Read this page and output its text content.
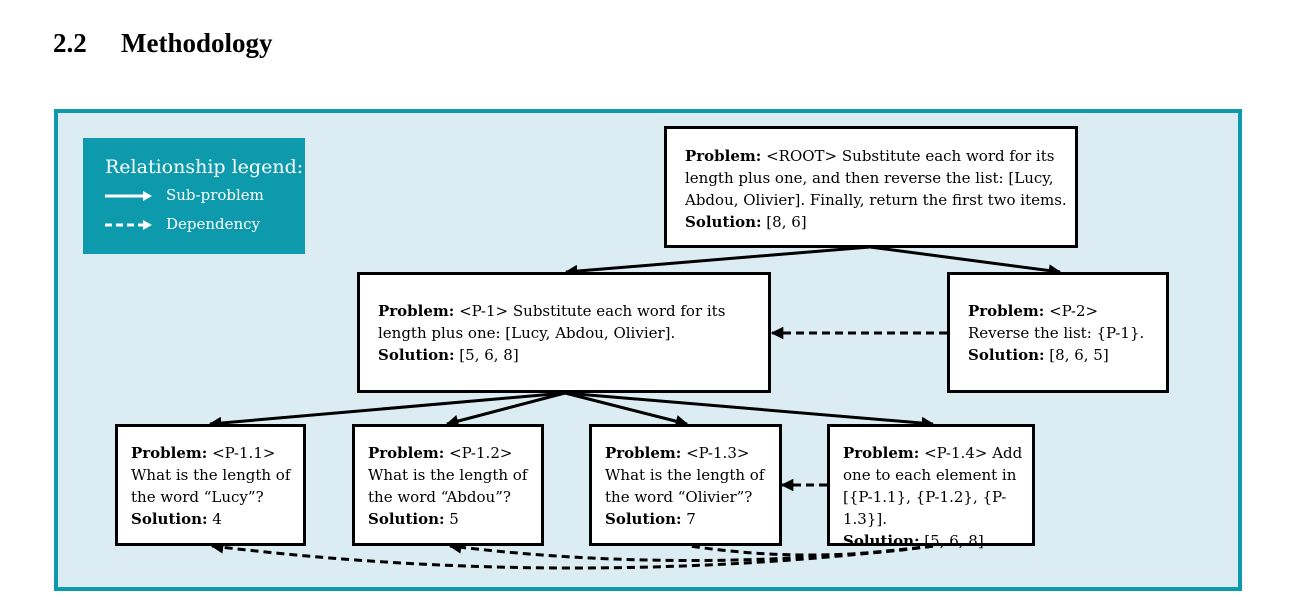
2.2 Methodology
Relationship legend:
Sub-problem
Dependency
Problem: <ROOT> Substitute each word for its length plus one, and then reverse the list: [Lucy, Abdou, Olivier]. Finally, return the first two items.
Solution: [8, 6]
Problem: <P-1> Substitute each word for its length plus one: [Lucy, Abdou, Olivier].
Solution: [5, 6, 8]
Problem: <P-2> Reverse the list: {P-1}.
Solution: [8, 6, 5]
Problem: <P-1.1> What is the length of the word “Lucy”?
Solution: 4
Problem: <P-1.2> What is the length of the word “Abdou”?
Solution: 5
Problem: <P-1.3> What is the length of the word “Olivier”?
Solution: 7
Problem: <P-1.4> Add one to each element in [{P-1.1}, {P-1.2}, {P-1.3}].
Solution: [5, 6, 8]
